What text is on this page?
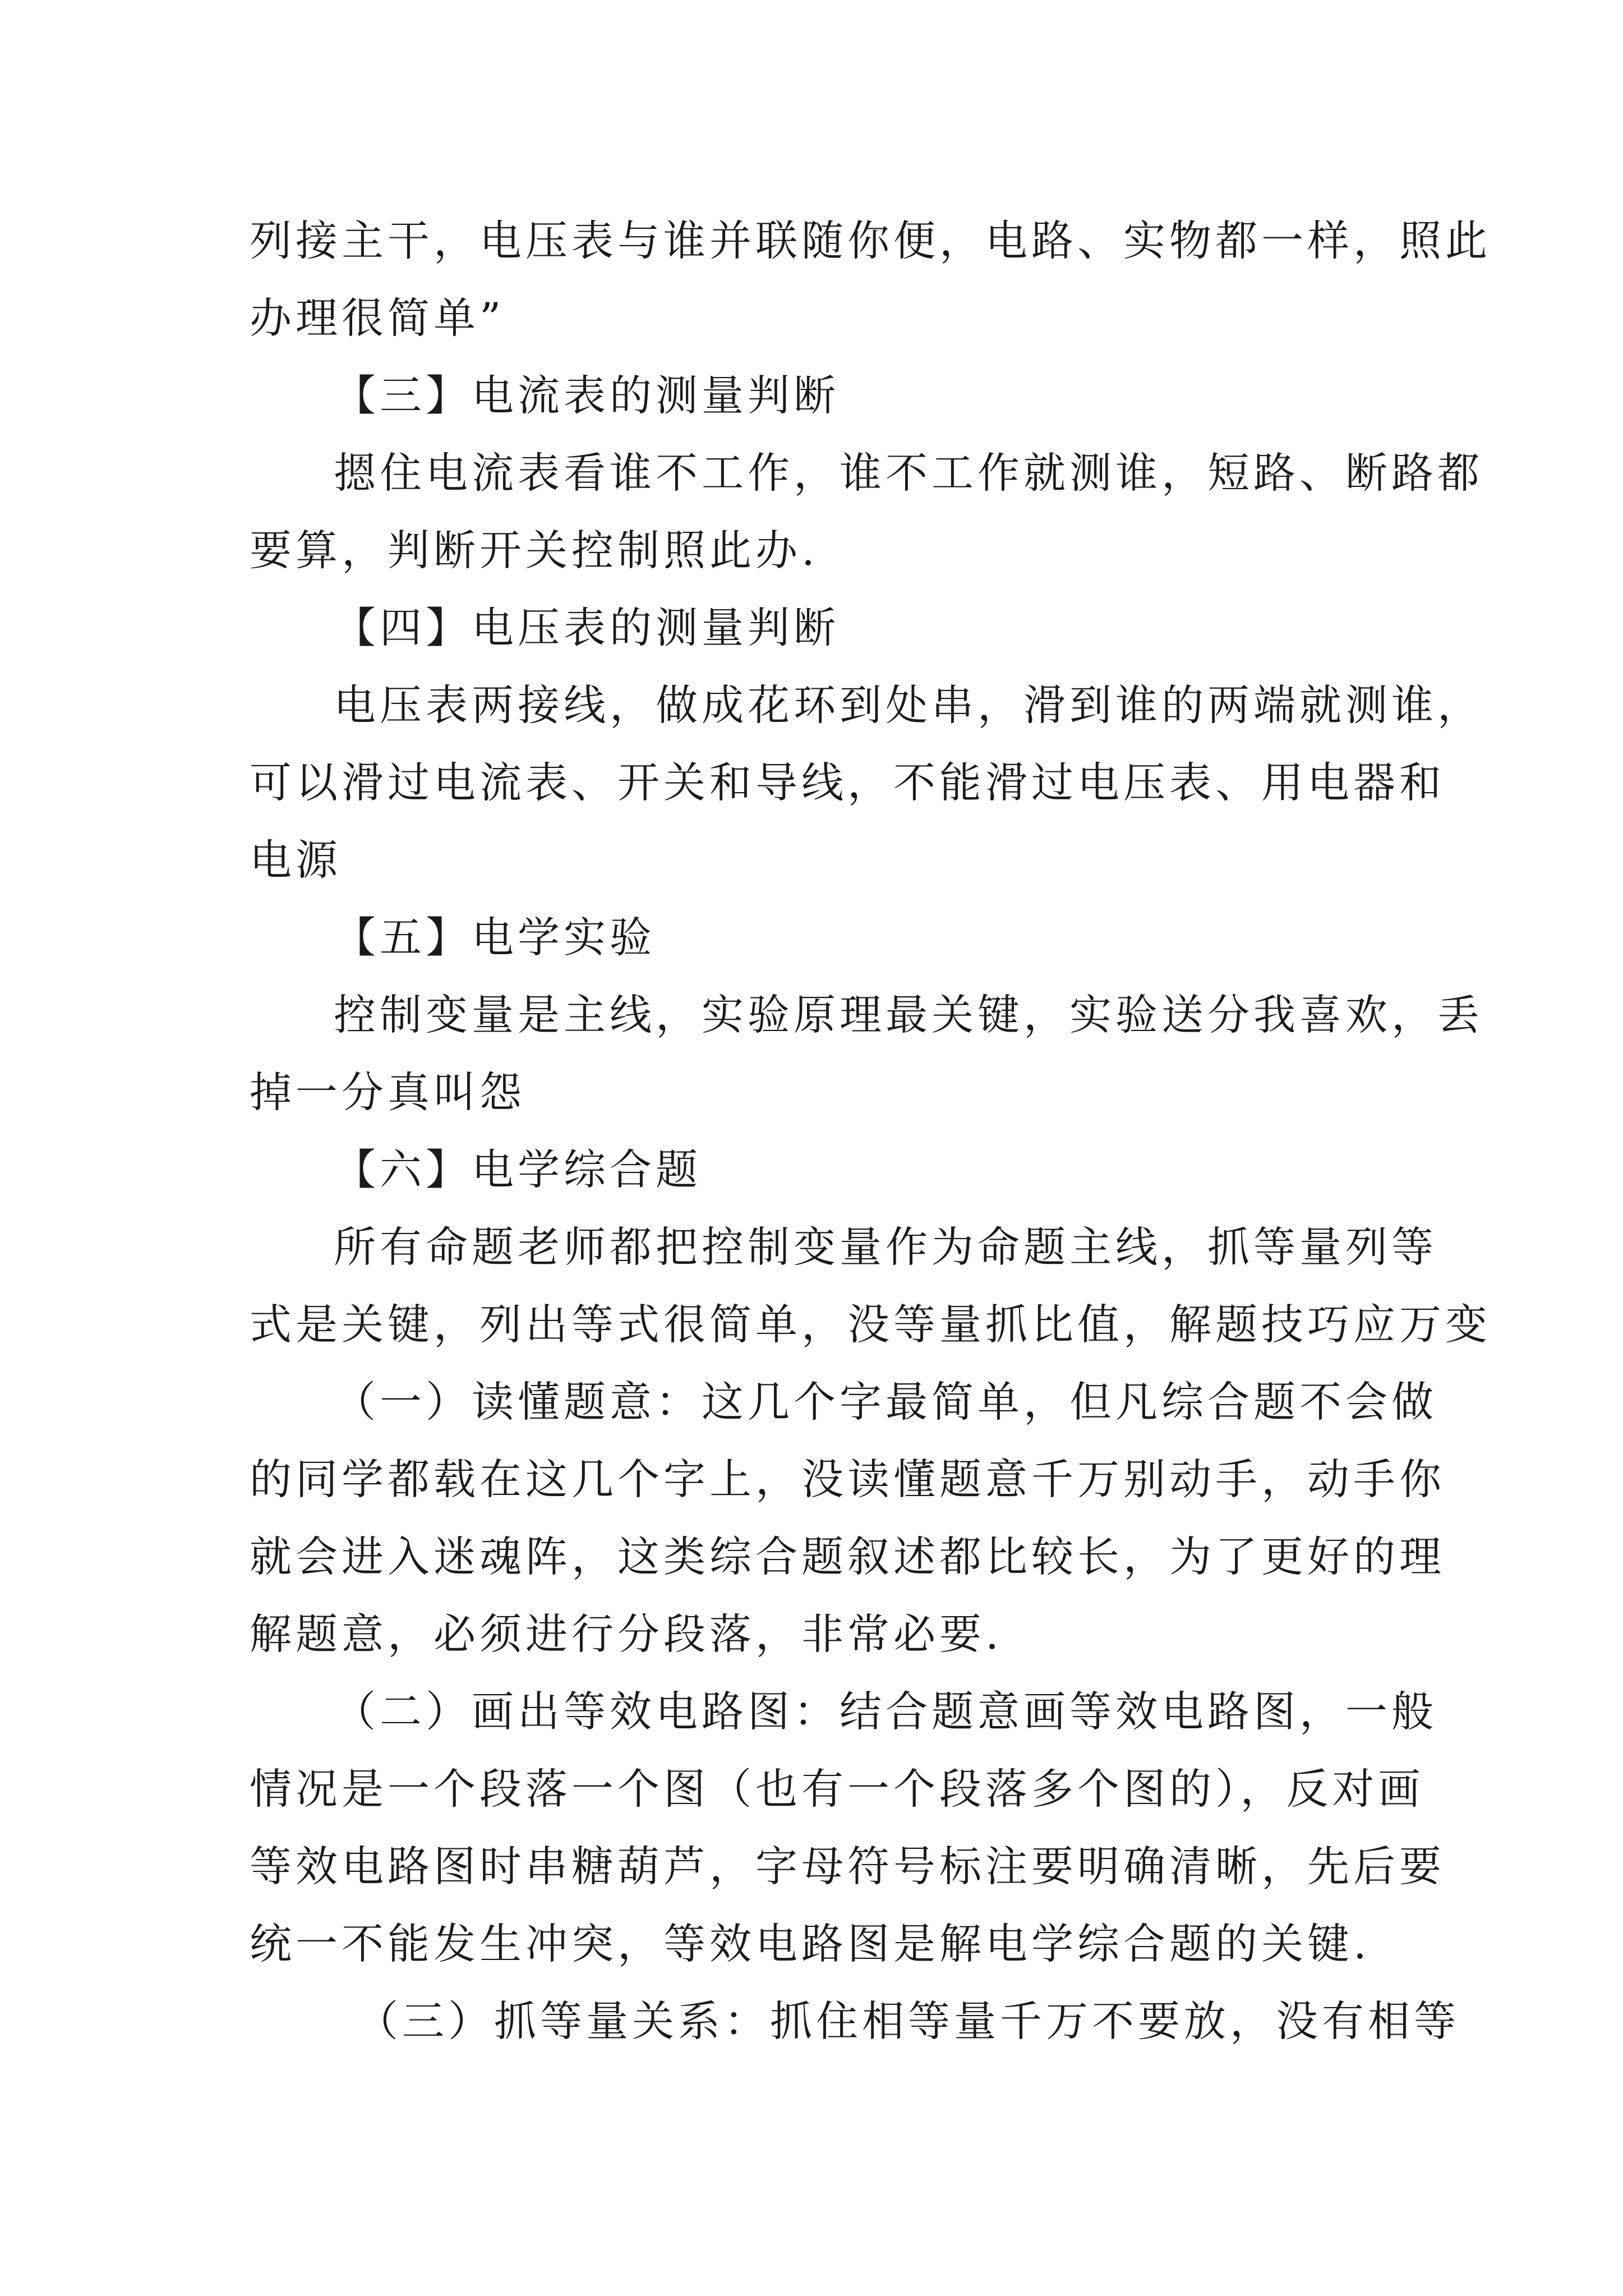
列接主干，电压表与谁并联随你便，电路、实物都一样，照此
办理很简单”
【三】电流表的测量判断
摁住电流表看谁不工作，谁不工作就测谁，短路、断路都
要算，判断开关控制照此办.
【四】电压表的测量判断
电压表两接线，做成花环到处串，滑到谁的两端就测谁，
可以滑过电流表、开关和导线，不能滑过电压表、用电器和
电源
【五】电学实验
控制变量是主线，实验原理最关键，实验送分我喜欢，丢
掉一分真叫怨
【六】电学综合题
所有命题老师都把控制变量作为命题主线，抓等量列等
式是关键，列出等式很简单，没等量抓比值，解题技巧应万变
（一）读懂题意：这几个字最简单，但凡综合题不会做
的同学都载在这几个字上，没读懂题意千万别动手，动手你
就会进入迷魂阵，这类综合题叙述都比较长，为了更好的理
解题意，必须进行分段落，非常必要.
（二）画出等效电路图：结合题意画等效电路图，一般
情况是一个段落一个图（也有一个段落多个图的），反对画
等效电路图时串糖葫芦，字母符号标注要明确清晰，先后要
统一不能发生冲突，等效电路图是解电学综合题的关键.
（三）抓等量关系：抓住相等量千万不要放，没有相等
